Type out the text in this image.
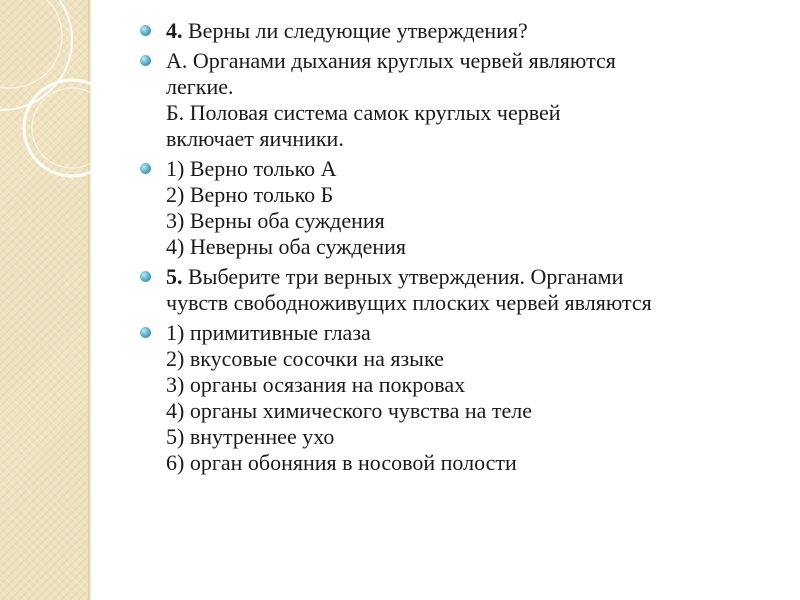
4. Верны ли следующие утверждения?
А. Органами дыхания круглых червей являются
легкие.
Б. Половая система самок круглых червей
включает яичники.
1) Верно только А
2) Верно только Б
3) Верны оба суждения
4) Неверны оба суждения
5. Выберите три верных утверждения. Органами
чувств свободноживущих плоских червей являются
1) примитивные глаза
2) вкусовые сосочки на языке
3) органы осязания на покровах
4) органы химического чувства на теле
5) внутреннее ухо
6) орган обоняния в носовой полости
